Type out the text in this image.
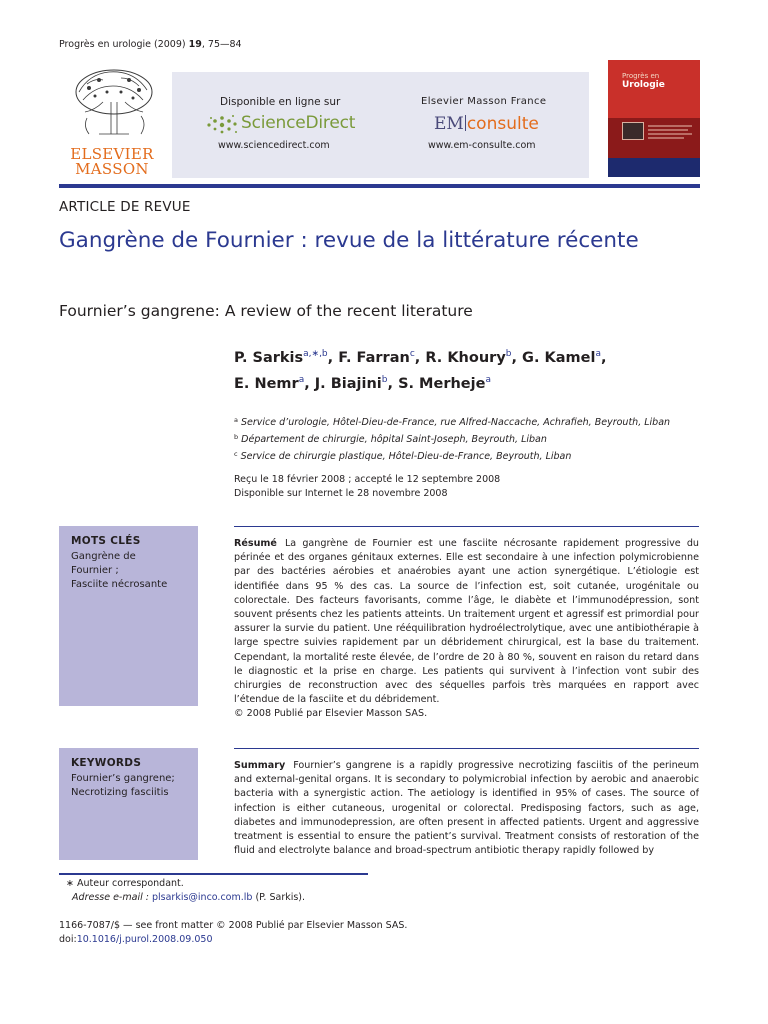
Progrès en urologie (2009) 19, 75—84
ELSEVIER
MASSON
Disponible en ligne sur
ScienceDirect
www.sciencedirect.com
Elsevier Masson France
EM consulte
www.em-consulte.com
Progrès en
Urologie
ARTICLE DE REVUE
Gangrène de Fournier : revue de la littérature récente
Fournier’s gangrene: A review of the recent literature
P. Sarkis$^{a,∗,b}$, F. Farran$^c$, R. Khoury$^b$, G. Kamel$^a$,
E. Nemr$^a$, J. Biajini$^b$, S. Merheje$^a$
$^a$ Service d’urologie, Hôtel-Dieu-de-France, rue Alfred-Naccache, Achrafieh, Beyrouth, Liban
$^b$ Département de chirurgie, hôpital Saint-Joseph, Beyrouth, Liban
$^c$ Service de chirurgie plastique, Hôtel-Dieu-de-France, Beyrouth, Liban
Reçu le 18 février 2008 ; accepté le 12 septembre 2008
Disponible sur Internet le 28 novembre 2008
MOTS CLÉS
Gangrène de
Fournier ;
Fasciite nécrosante
Résumé La gangrène de Fournier est une fasciite nécrosante rapidement progressive du périnée et des organes génitaux externes. Elle est secondaire à une infection polymicrobienne par des bactéries aérobies et anaérobies ayant une action synergétique. L’étiologie est identifiée dans 95 % des cas. La source de l’infection est, soit cutanée, urogénitale ou colorectale. Des facteurs favorisants, comme l’âge, le diabète et l’immunodépression, sont souvent présents chez les patients atteints. Un traitement urgent et agressif est primordial pour assurer la survie du patient. Une rééquilibration hydroélectrolytique, avec une antibiothérapie à large spectre suivies rapidement par un débridement chirurgical, est la base du traitement. Cependant, la mortalité reste élevée, de l’ordre de 20 à 80 %, souvent en raison du retard dans le diagnostic et la prise en charge. Les patients qui survivent à l’infection vont subir des chirurgies de reconstruction avec des séquelles parfois très marquées en rapport avec l’étendue de la fasciite et du débridement.
© 2008 Publié par Elsevier Masson SAS.
KEYWORDS
Fournier’s gangrene;
Necrotizing fasciitis
Summary Fournier’s gangrene is a rapidly progressive necrotizing fasciitis of the perineum and external-genital organs. It is secondary to polymicrobial infection by aerobic and anaerobic bacteria with a synergistic action. The aetiology is identified in 95% of cases. The source of infection is either cutaneous, urogenital or colorectal. Predisposing factors, such as age, diabetes and immunodepression, are often present in affected patients. Urgent and aggressive treatment is essential to ensure the patient’s survival. Treatment consists of restoration of the fluid and electrolyte balance and broad-spectrum antibiotic therapy rapidly followed by
∗ Auteur correspondant.
Adresse e-mail : plsarkis@inco.com.lb (P. Sarkis).
1166-7087/$ — see front matter © 2008 Publié par Elsevier Masson SAS.
doi:10.1016/j.purol.2008.09.050
